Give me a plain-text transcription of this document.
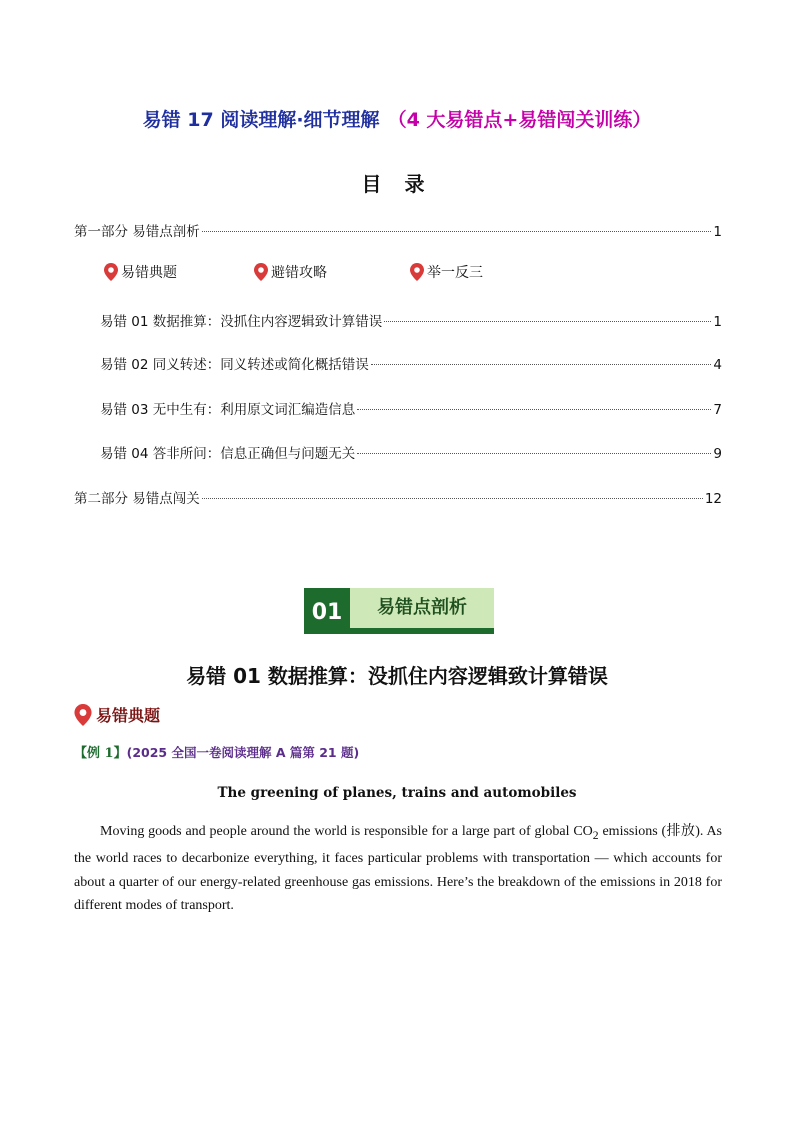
易错 17 阅读理解·细节理解 （4 大易错点+易错闯关训练）
目 录
第一部分 易错点剖析	1
易错典题	避错攻略	举一反三
易错 01 数据推算：没抓住内容逻辑致计算错误	1
易错 02 同义转述：同义转述或简化概括错误	4
易错 03 无中生有：利用原文词汇编造信息	7
易错 04 答非所问：信息正确但与问题无关	9
第二部分 易错点闯关	12
01	易错点剖析
易错 01 数据推算：没抓住内容逻辑致计算错误
易错典题
【例 1】(2025 全国一卷阅读理解 A 篇第 21 题)
The greening of planes, trains and automobiles
Moving goods and people around the world is responsible for a large part of global $CO_2$ emissions (排放). As the world races to decarbonize everything, it faces particular problems with transportation — which accounts for about a quarter of our energy-related greenhouse gas emissions. Here’s the breakdown of the emissions in 2018 for different modes of transport.
